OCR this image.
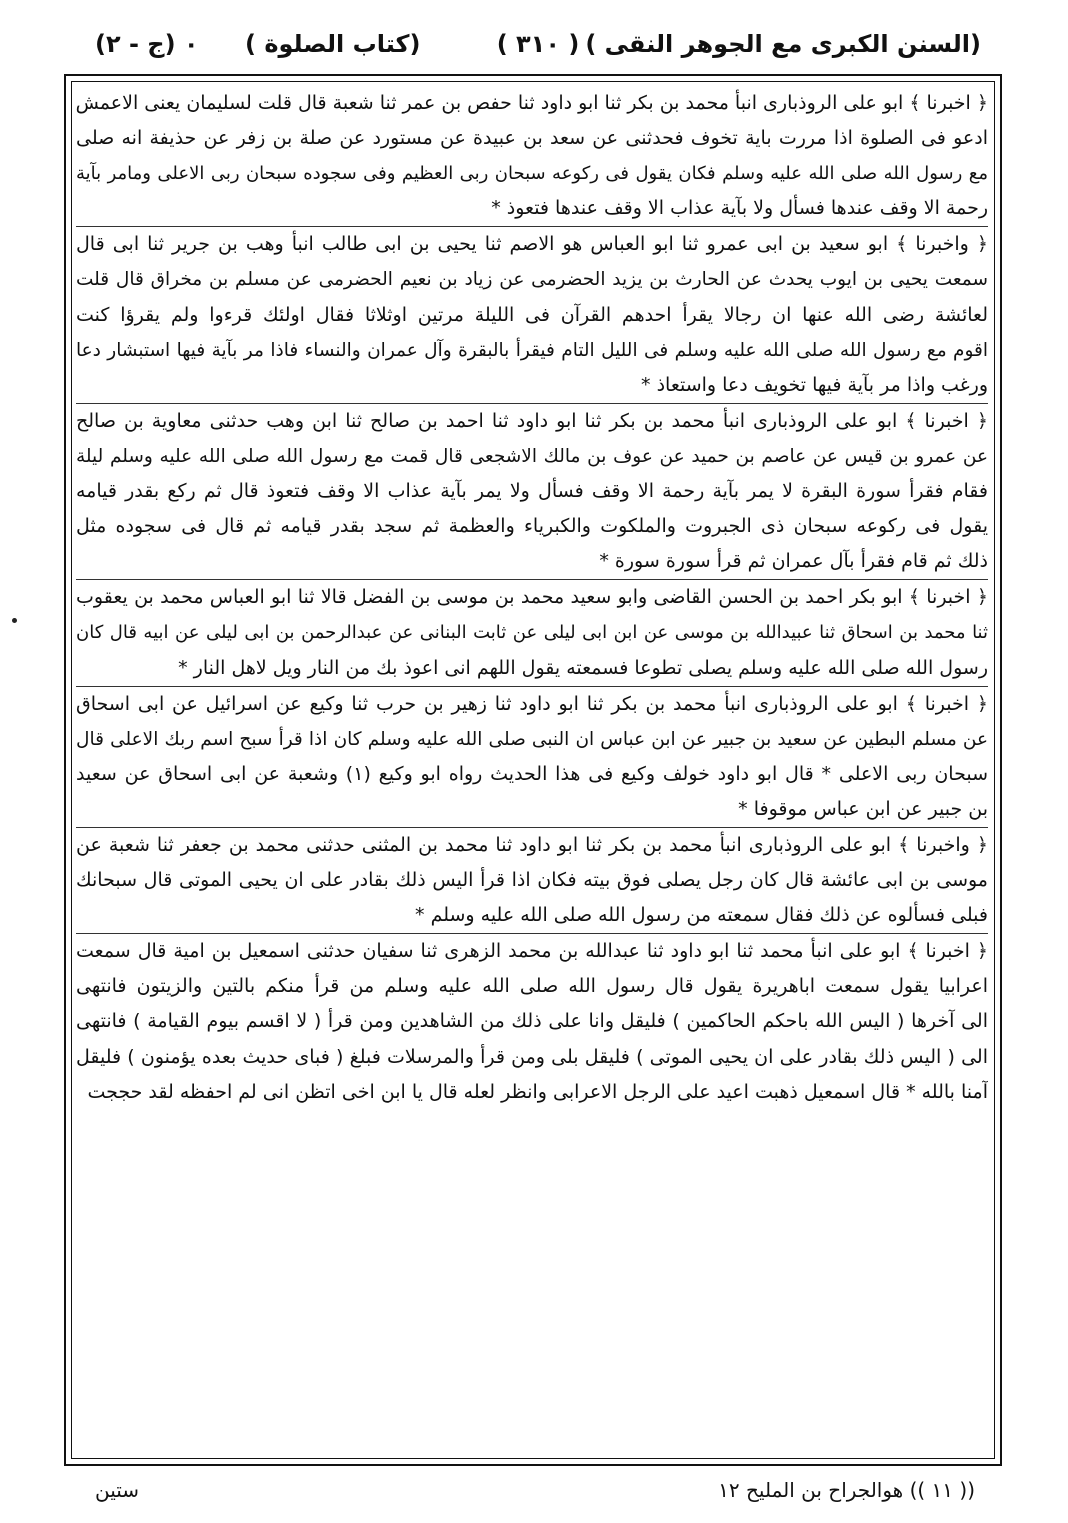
(السنن الكبرى مع الجوهر النقى )
( ٣١٠ )
(كتاب الصلوة )
٠ (ج - ٢)
﴿ اخبرنا ﴾ ابو على الروذبارى انبأ محمد بن بكر ثنا ابو داود ثنا حفص بن عمر ثنا شعبة قال قلت لسليمان يعنى الاعمش
ادعو فى الصلوة اذا مررت باية تخوف فحدثنى عن سعد بن عبيدة عن مستورد عن صلة بن زفر عن حذيفة انه صلى
مع رسول الله صلى الله عليه وسلم فكان يقول فى ركوعه سبحان ربى العظيم وفى سجوده سبحان ربى الاعلى ومامر بآية
رحمة الا وقف عندها فسأل ولا بآية عذاب الا وقف عندها فتعوذ *
﴿ واخبرنا ﴾ ابو سعيد بن ابى عمرو ثنا ابو العباس هو الاصم ثنا يحيى بن ابى طالب انبأ وهب بن جرير ثنا ابى قال
سمعت يحيى بن ايوب يحدث عن الحارث بن يزيد الحضرمى عن زياد بن نعيم الحضرمى عن مسلم بن مخراق قال قلت
لعائشة رضى الله عنها ان رجالا يقرأ احدهم القرآن فى الليلة مرتين اوثلاثا فقال اولئك قرءوا ولم يقرؤا كنت
اقوم مع رسول الله صلى الله عليه وسلم فى الليل التام فيقرأ بالبقرة وآل عمران والنساء فاذا مر بآية فيها استبشار دعا
ورغب واذا مر بآية فيها تخويف دعا واستعاذ *
﴿ اخبرنا ﴾ ابو على الروذبارى انبأ محمد بن بكر ثنا ابو داود ثنا احمد بن صالح ثنا ابن وهب حدثنى معاوية بن صالح
عن عمرو بن قيس عن عاصم بن حميد عن عوف بن مالك الاشجعى قال قمت مع رسول الله صلى الله عليه وسلم ليلة
فقام فقرأ سورة البقرة لا يمر بآية رحمة الا وقف فسأل ولا يمر بآية عذاب الا وقف فتعوذ قال ثم ركع بقدر قيامه
يقول فى ركوعه سبحان ذى الجبروت والملكوت والكبرياء والعظمة ثم سجد بقدر قيامه ثم قال فى سجوده مثل
ذلك ثم قام فقرأ بآل عمران ثم قرأ سورة سورة *
﴿ اخبرنا ﴾ ابو بكر احمد بن الحسن القاضى وابو سعيد محمد بن موسى بن الفضل قالا ثنا ابو العباس محمد بن يعقوب
ثنا محمد بن اسحاق ثنا عبيدالله بن موسى عن ابن ابى ليلى عن ثابت البنانى عن عبدالرحمن بن ابى ليلى عن ابيه قال كان
رسول الله صلى الله عليه وسلم يصلى تطوعا فسمعته يقول اللهم انى اعوذ بك من النار ويل لاهل النار *
﴿ اخبرنا ﴾ ابو على الروذبارى انبأ محمد بن بكر ثنا ابو داود ثنا زهير بن حرب ثنا وكيع عن اسرائيل عن ابى اسحاق
عن مسلم البطين عن سعيد بن جبير عن ابن عباس ان النبى صلى الله عليه وسلم كان اذا قرأ سبح اسم ربك الاعلى قال
سبحان ربى الاعلى * قال ابو داود خولف وكيع فى هذا الحديث رواه ابو وكيع (١) وشعبة عن ابى اسحاق عن سعيد
بن جبير عن ابن عباس موقوفا *
﴿ واخبرنا ﴾ ابو على الروذبارى انبأ محمد بن بكر ثنا ابو داود ثنا محمد بن المثنى حدثنى محمد بن جعفر ثنا شعبة عن
موسى بن ابى عائشة قال كان رجل يصلى فوق بيته فكان اذا قرأ اليس ذلك بقادر على ان يحيى الموتى قال سبحانك
فبلى فسألوه عن ذلك فقال سمعته من رسول الله صلى الله عليه وسلم *
﴿ اخبرنا ﴾ ابو على انبأ محمد ثنا ابو داود ثنا عبدالله بن محمد الزهرى ثنا سفيان حدثنى اسمعيل بن امية قال سمعت
اعرابيا يقول سمعت اباهريرة يقول قال رسول الله صلى الله عليه وسلم من قرأ منكم بالتين والزيتون فانتهى
الى آخرها ( اليس الله باحكم الحاكمين ) فليقل وانا على ذلك من الشاهدين ومن قرأ ( لا اقسم بيوم القيامة ) فانتهى
الى ( اليس ذلك بقادر على ان يحيى الموتى ) فليقل بلى ومن قرأ والمرسلات فبلغ ( فباى حديث بعده يؤمنون ) فليقل
آمنا بالله * قال اسمعيل ذهبت اعيد على الرجل الاعرابى وانظر لعله قال يا ابن اخى اتظن انى لم احفظه لقد حججت
(( ١١ )) هوالجراح بن المليح ١٢
ستين
